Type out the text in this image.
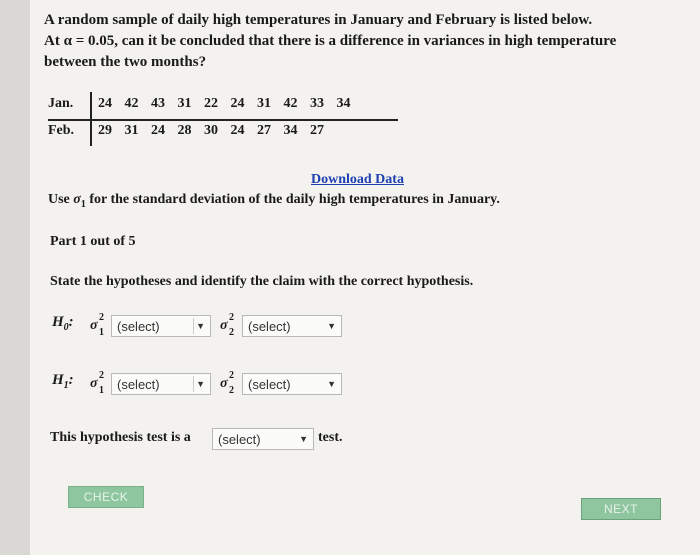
A random sample of daily high temperatures in January and February is listed below.
At α = 0.05, can it be concluded that there is a difference in variances in high temperature
between the two months?
Jan.	24 42 43 31 22 24 31 42 33 34
Feb.	29 31 24 28 30 24 27 34 27
Download Data
Use $\sigma_1$ for the standard deviation of the daily high temperatures in January.
Part 1 out of 5
State the hypotheses and identify the claim with the correct hypothesis.
$H_0$: σ
2
1 (select)	▼ σ
2
2 (select)	▼
$H_1$: σ
2
1 (select)	▼ σ
2
2 (select)	▼
This hypothesis test is a (select)	▼ test.
CHECK
NEXT
